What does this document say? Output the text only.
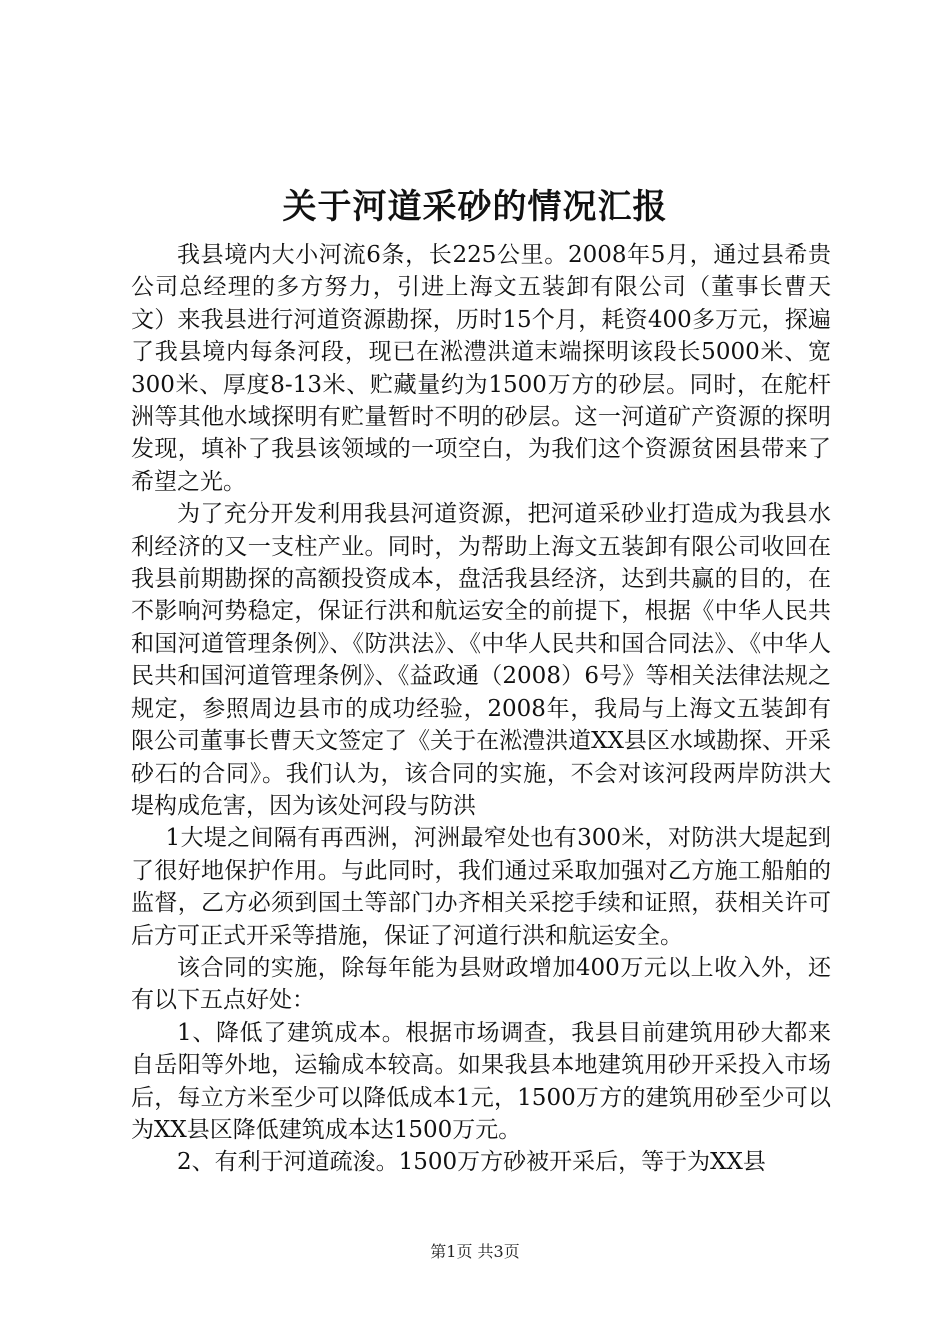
关于河道采砂的情况汇报

我县境内大小河流6条，长225公里。2008年5月，通过县希贵公司总经理的多方努力，引进上海文五装卸有限公司（董事长曹天文）来我县进行河道资源勘探，历时15个月，耗资400多万元，探遍了我县境内每条河段，现已在淞澧洪道末端探明该段长5000米、宽300米、厚度8-13米、贮藏量约为1500万方的砂层。同时，在舵杆洲等其他水域探明有贮量暂时不明的砂层。这一河道矿产资源的探明发现，填补了我县该领域的一项空白，为我们这个资源贫困县带来了希望之光。

为了充分开发利用我县河道资源，把河道采砂业打造成为我县水利经济的又一支柱产业。同时，为帮助上海文五装卸有限公司收回在我县前期勘探的高额投资成本，盘活我县经济，达到共赢的目的，在不影响河势稳定，保证行洪和航运安全的前提下，根据《中华人民共和国河道管理条例》、《防洪法》、《中华人民共和国合同法》、《中华人民共和国河道管理条例》、《益政通（2008）6号》等相关法律法规之规定，参照周边县市的成功经验，2008年，我局与上海文五装卸有限公司董事长曹天文签定了《关于在淞澧洪道XX县区水域勘探、开采砂石的合同》。我们认为，该合同的实施，不会对该河段两岸防洪大堤构成危害，因为该处河段与防洪

1大堤之间隔有再西洲，河洲最窄处也有300米，对防洪大堤起到了很好地保护作用。与此同时，我们通过采取加强对乙方施工船舶的监督，乙方必须到国土等部门办齐相关采挖手续和证照，获相关许可后方可正式开采等措施，保证了河道行洪和航运安全。

该合同的实施，除每年能为县财政增加400万元以上收入外，还有以下五点好处：

1、降低了建筑成本。根据市场调查，我县目前建筑用砂大都来自岳阳等外地，运输成本较高。如果我县本地建筑用砂开采投入市场后，每立方米至少可以降低成本1元，1500万方的建筑用砂至少可以为XX县区降低建筑成本达1500万元。

2、有利于河道疏浚。1500万方砂被开采后，等于为XX县

第1页 共3页
